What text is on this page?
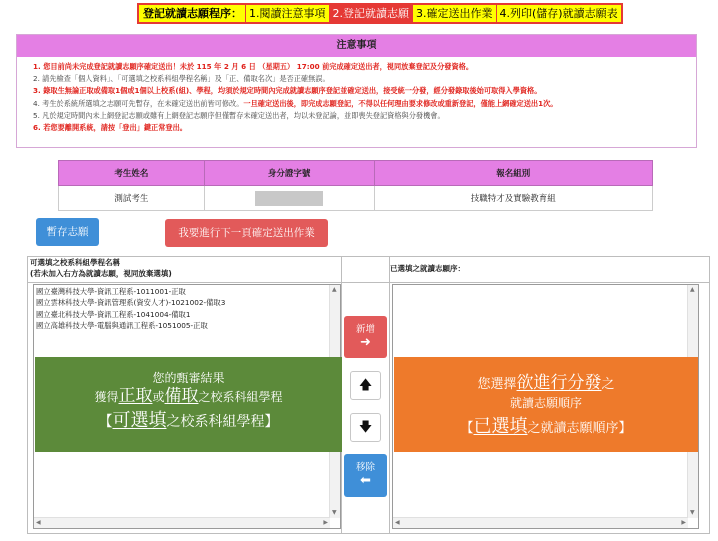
登記就讀志願程序： 1.閱讀注意事項 2.登記就讀志願 3.確定送出作業 4.列印(儲存)就讀志願表
注意事項
1. 您目前尚未完成登記就讀志願序確定送出！未於 115 年 2 月 6 日 （星期五） 17:00 前完成確定送出者，視同放棄登記及分發資格。
2. 請先檢查「個人資料」、「可選填之校系科組學程名稱」及「正、備取名次」是否正確無誤。
3. 錄取生無論正取或備取1個或1個以上校系(組)、學程，均須於規定時間內完成就讀志願序登記並確定送出，接受統一分發，經分發錄取後始可取得入學資格。
4. 考生於系統所選填之志願可先暫存，在未確定送出前皆可修改。一旦確定送出後，即完成志願登記，不得以任何理由要求修改或重新登記，僅能上網確定送出1次。
5. 凡於規定時間內未上網登記志願或雖有上網登記志願序但僅暫存未確定送出者，均以未登記論，並即喪失登記資格與分發機會。
6. 若您要離開系統，請按「登出」鍵正常登出。
考生姓名	身分證字號	報名組別
測試考生		技職特才及實驗教育組
暫存志願	我要進行下一頁確定送出作業
可選填之校系科組學程名稱
(若未加入右方為就讀志願，視同放棄選填)
已選填之就讀志願序：
國立臺灣科技大學-資訊工程系-1011001-正取
國立雲林科技大學-資訊管理系(資安人才)-1021002-備取3
國立臺北科技大學-資訊工程系-1041004-備取1
國立高雄科技大學-電腦與通訊工程系-1051005-正取
▲
▼
◀	▶
▲
▼
◀	▶
您的甄審結果
獲得正取或備取之校系科組學程
【可選填之校系科組學程】
您選擇欲進行分發之
就讀志願順序
【已選填之就讀志願順序】
新增
➜
🡅
🡇
移除
⬅
